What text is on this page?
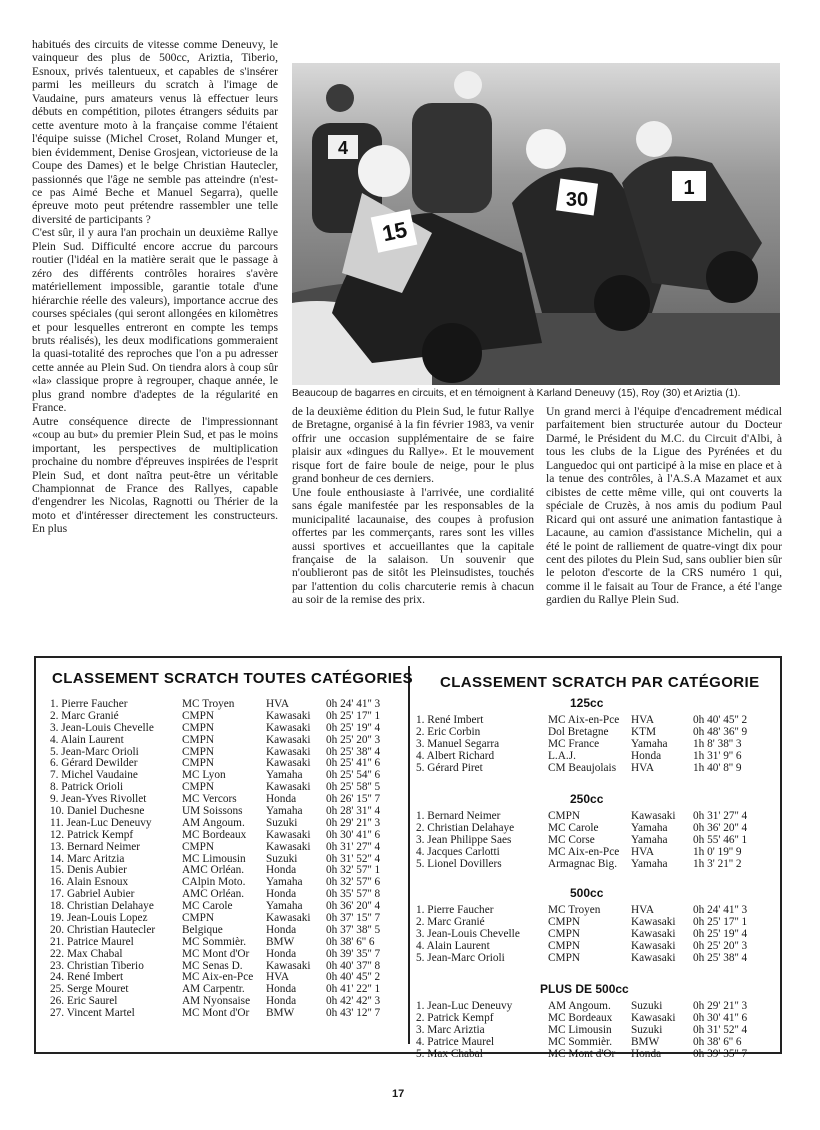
habitués des circuits de vitesse comme Deneuvy, le vainqueur des plus de 500cc, Ariztia, Tiberio, Esnoux, privés talentueux, et capables de s'insérer parmi les meilleurs du scratch à l'image de Vaudaine, purs amateurs venus là effectuer leurs débuts en compétition, pilotes étrangers séduits par cette aventure moto à la française comme l'étaient l'équipe suisse (Michel Croset, Roland Munger et, bien évidemment, Denise Grosjean, victorieuse de la Coupe des Dames) et le belge Christian Hautecler, passionnés que l'âge ne semble pas atteindre (n'est-ce pas Aimé Beche et Manuel Segarra), quelle épreuve moto peut prétendre rassembler une telle diversité de participants ?

C'est sûr, il y aura l'an prochain un deuxième Rallye Plein Sud. Difficulté encore accrue du parcours routier (l'idéal en la matière serait que le passage à zéro des différents contrôles horaires s'avère matériellement impossible, garantie totale d'une hiérarchie réelle des valeurs), importance accrue des courses spéciales (qui seront allongées en kilomètres et pour lesquelles entreront en compte les temps bruts réalisés), les deux modifications gommeraient la quasi-totalité des reproches que l'on a pu adresser cette année au Plein Sud. On tiendra alors à coup sûr «la» classique propre à regrouper, chaque année, le plus grand nombre d'adeptes de la régularité en France.

Autre conséquence directe de l'impressionnant «coup au but» du premier Plein Sud, et pas le moins important, les perspectives de multiplication prochaine du nombre d'épreuves inspirées de l'esprit Plein Sud, et dont naîtra peut-être un véritable Championnat de France des Rallyes, capable d'engendrer les Nicolas, Ragnotti ou Thérier de la moto et d'intéresser directement les constructeurs. En plus

4
15
30
1
Beaucoup de bagarres en circuits, et en témoignent à Karland Deneuvy (15), Roy (30) et Ariztia (1).

de la deuxième édition du Plein Sud, le futur Rallye de Bretagne, organisé à la fin février 1983, va venir offrir une occasion supplémentaire de se faire plaisir aux «dingues du Rallye». Et le mouvement risque fort de faire boule de neige, pour le plus grand bonheur de ces derniers.

Une foule enthousiaste à l'arrivée, une cordialité sans égale manifestée par les responsables de la municipalité lacaunaise, des coupes à profusion offertes par les commerçants, rares sont les villes aussi sportives et accueillantes que la capitale française de la salaison. Un souvenir que n'oublieront pas de sitôt les Pleinsudistes, touchés par l'attention du colis charcuterie remis à chacun au soir de la remise des prix.

Un grand merci à l'équipe d'encadrement médical parfaitement bien structurée autour du Docteur Darmé, le Président du M.C. du Circuit d'Albi, à tous les clubs de la Ligue des Pyrénées et du Languedoc qui ont participé à la mise en place et à la tenue des contrôles, à l'A.S.A Mazamet et aux cibistes de cette même ville, qui ont couverts la spéciale de Cruzès, à nos amis du podium Paul Ricard qui ont assuré une animation fantastique à Lacaune, au camion d'assistance Michelin, qui a été le point de ralliement de quatre-vingt dix pour cent des pilotes du Plein Sud, sans oublier bien sûr le peloton d'escorte de la CRS numéro 1 qui, comme il le faisait au Tour de France, a été l'ange gardien du Rallye Plein Sud.

CLASSEMENT SCRATCH TOUTES CATÉGORIES
1. Pierre Faucher	MC Troyen	HVA	0h 24' 41'' 3
2. Marc Granié	CMPN	Kawasaki 0h 25' 17'' 1
3. Jean-Louis Chevelle CMPN	Kawasaki 0h 25' 19'' 4
4. Alain Laurent	CMPN	Kawasaki 0h 25' 20'' 3
5. Jean-Marc Orioli	CMPN	Kawasaki 0h 25' 38'' 4
6. Gérard Dewilder	CMPN	Kawasaki 0h 25' 41'' 6
7. Michel Vaudaine	MC Lyon	Yamaha 0h 25' 54'' 6
8. Patrick Orioli	CMPN	Kawasaki 0h 25' 58'' 5
9. Jean-Yves Rivollet	MC Vercors	Honda	0h 26' 15'' 7
10. Daniel Duchesne	UM Soissons Yamaha 0h 28' 31'' 4
11. Jean-Luc Deneuvy	AM Angoum. Suzuki	0h 29' 21'' 3
12. Patrick Kempf	MC Bordeaux Kawasaki 0h 30' 41'' 6
13. Bernard Neimer	CMPN	Kawasaki 0h 31' 27'' 4
14. Marc Aritzia	MC Limousin Suzuki	0h 31' 52'' 4
15. Denis Aubier	AMC Orléan. Honda	0h 32' 57'' 1
16. Alain Esnoux	CAlpin Moto. Yamaha 0h 32' 57'' 6
17. Gabriel Aubier	AMC Orléan. Honda	0h 35' 57'' 8
18. Christian Delahaye MC Carole	Yamaha 0h 36' 20'' 4
19. Jean-Louis Lopez	CMPN	Kawasaki 0h 37' 15'' 7
20. Christian Hautecler Belgique	Honda	0h 37' 38'' 5
21. Patrice Maurel	MC Sommièr. BMW	0h 38' 6'' 6
22. Max Chabal	MC Mont d'Or Honda	0h 39' 35'' 7
23. Christian Tiberio	MC Senas D. Kawasaki 0h 40' 37'' 8
24. René Imbert	MC Aix-en-Pce HVA	0h 40' 45'' 2
25. Serge Mouret	AM Carpentr. Honda	0h 41' 22'' 1
26. Eric Saurel	AM Nyonsaise Honda	0h 42' 42'' 3
27. Vincent Martel	MC Mont d'Or BMW	0h 43' 12'' 7
CLASSEMENT SCRATCH PAR CATÉGORIE
125cc
1. René Imbert	MC Aix-en-Pce HVA	0h 40' 45'' 2
2. Eric Corbin	Dol Bretagne KTM	0h 48' 36'' 9
3. Manuel Segarra	MC France	Yamaha 1h 8' 38'' 3
4. Albert Richard	L.A.J.	Honda	1h 31' 9'' 6
5. Gérard Piret	CM Beaujolais HVA	1h 40' 8'' 9
250cc
1. Bernard Neimer	CMPN	Kawasaki 0h 31' 27'' 4
2. Christian Delahaye	MC Carole	Yamaha 0h 36' 20'' 4
3. Jean Philippe Saes	MC Corse	Yamaha 0h 55' 46'' 1
4. Jacques Carlotti	MC Aix-en-Pce HVA	1h 0' 19'' 9
5. Lionel Dovillers	Armagnac Big. Yamaha 1h 3' 21'' 2
500cc
1. Pierre Faucher	MC Troyen	HVA	0h 24' 41'' 3
2. Marc Granié	CMPN	Kawasaki 0h 25' 17'' 1
3. Jean-Louis Chevelle CMPN	Kawasaki 0h 25' 19'' 4
4. Alain Laurent	CMPN	Kawasaki 0h 25' 20'' 3
5. Jean-Marc Orioli	CMPN	Kawasaki 0h 25' 38'' 4
PLUS DE 500cc
1. Jean-Luc Deneuvy	AM Angoum. Suzuki	0h 29' 21'' 3
2. Patrick Kempf	MC Bordeaux Kawasaki 0h 30' 41'' 6
3. Marc Ariztia	MC Limousin Suzuki	0h 31' 52'' 4
4. Patrice Maurel	MC Sommièr. BMW	0h 38' 6'' 6
5. Max Chabal	MC Mont d'Or Honda	0h 39' 35'' 7
17
